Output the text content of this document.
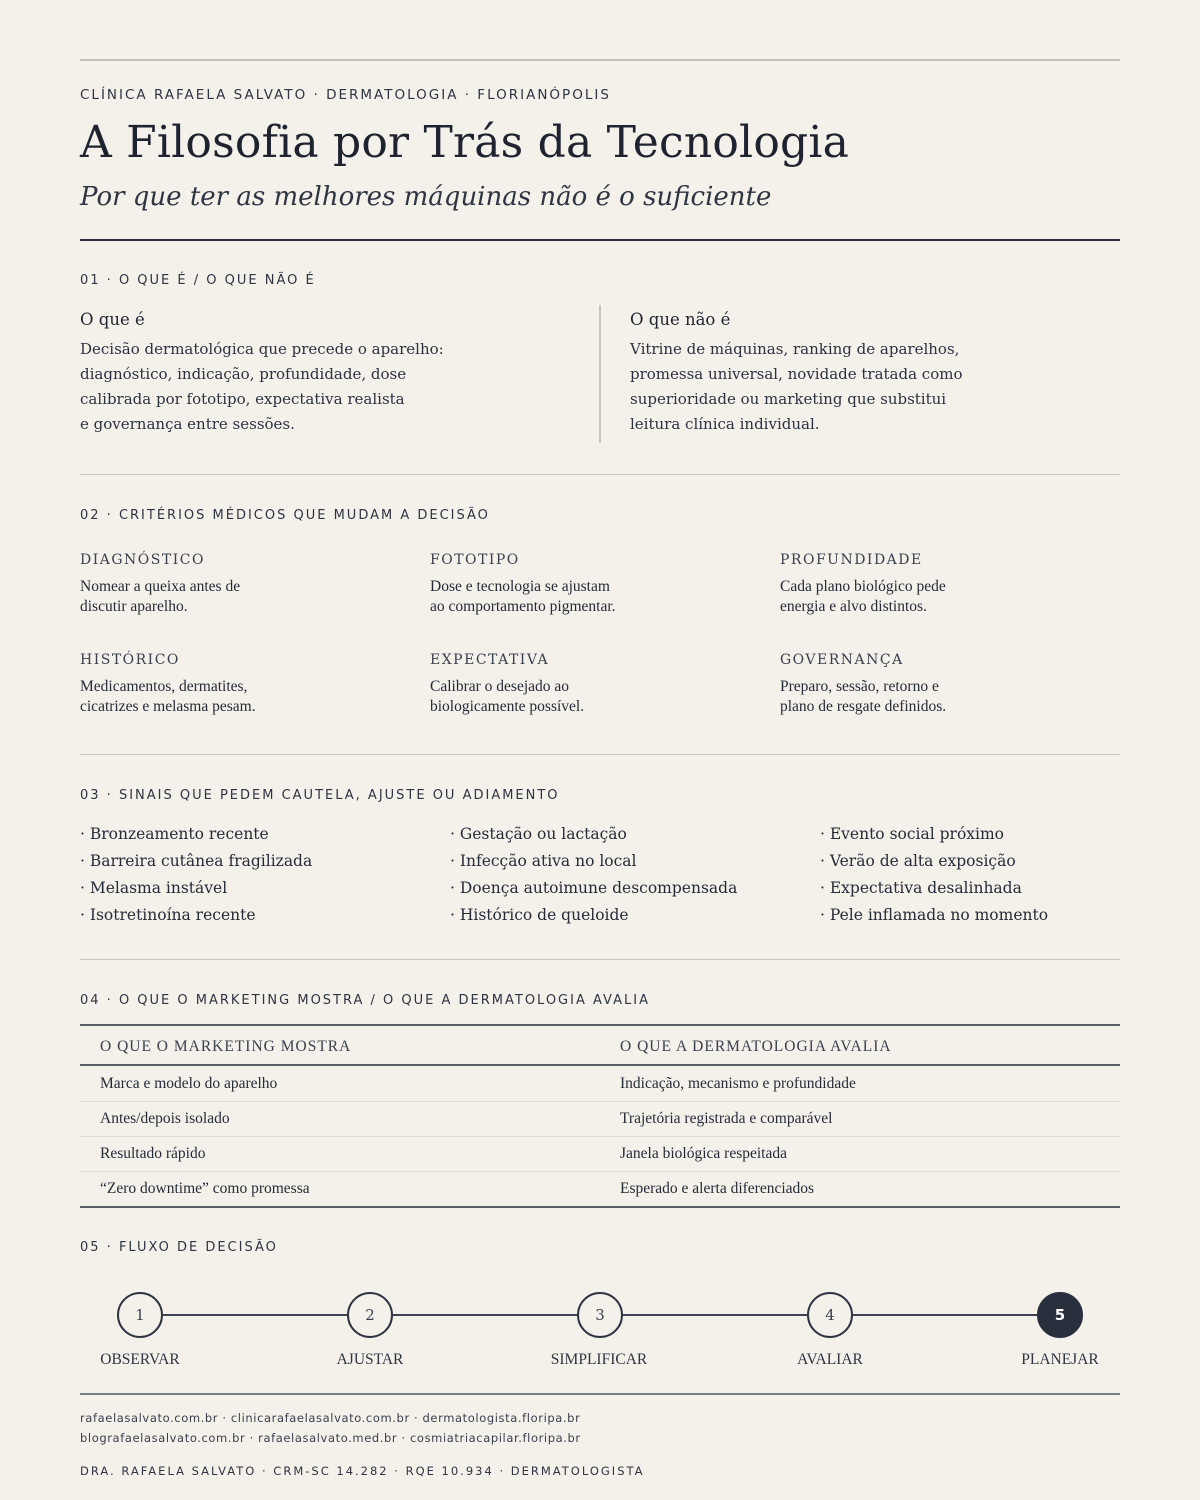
CLÍNICA RAFAELA SALVATO · DERMATOLOGIA · FLORIANÓPOLIS
A Filosofia por Trás da Tecnologia
Por que ter as melhores máquinas não é o suficiente
01 · O QUE É / O QUE NÃO É
O que é
Decisão dermatológica que precede o aparelho:
diagnóstico, indicação, profundidade, dose
calibrada por fototipo, expectativa realista
e governança entre sessões.
O que não é
Vitrine de máquinas, ranking de aparelhos,
promessa universal, novidade tratada como
superioridade ou marketing que substitui
leitura clínica individual.
02 · CRITÉRIOS MÉDICOS QUE MUDAM A DECISÃO
DIAGNÓSTICO
Nomear a queixa antes de
discutir aparelho.
FOTOTIPO
Dose e tecnologia se ajustam
ao comportamento pigmentar.
PROFUNDIDADE
Cada plano biológico pede
energia e alvo distintos.
HISTÓRICO
Medicamentos, dermatites,
cicatrizes e melasma pesam.
EXPECTATIVA
Calibrar o desejado ao
biologicamente possível.
GOVERNANÇA
Preparo, sessão, retorno e
plano de resgate definidos.
03 · SINAIS QUE PEDEM CAUTELA, AJUSTE OU ADIAMENTO
· Bronzeamento recente
· Barreira cutânea fragilizada
· Melasma instável
· Isotretinoína recente
· Gestação ou lactação
· Infecção ativa no local
· Doença autoimune descompensada
· Histórico de queloide
· Evento social próximo
· Verão de alta exposição
· Expectativa desalinhada
· Pele inflamada no momento
04 · O QUE O MARKETING MOSTRA / O QUE A DERMATOLOGIA AVALIA
O QUE O MARKETING MOSTRA	O QUE A DERMATOLOGIA AVALIA
Marca e modelo do aparelho	Indicação, mecanismo e profundidade
Antes/depois isolado	Trajetória registrada e comparável
Resultado rápido	Janela biológica respeitada
“Zero downtime” como promessa	Esperado e alerta diferenciados
05 · FLUXO DE DECISÃO
1	2	3	4	5
OBSERVAR	AJUSTAR	SIMPLIFICAR	AVALIAR	PLANEJAR
rafaelasalvato.com.br · clinicarafaelasalvato.com.br · dermatologista.floripa.br
blografaelasalvato.com.br · rafaelasalvato.med.br · cosmiatriacapilar.floripa.br
DRA. RAFAELA SALVATO · CRM-SC 14.282 · RQE 10.934 · DERMATOLOGISTA
